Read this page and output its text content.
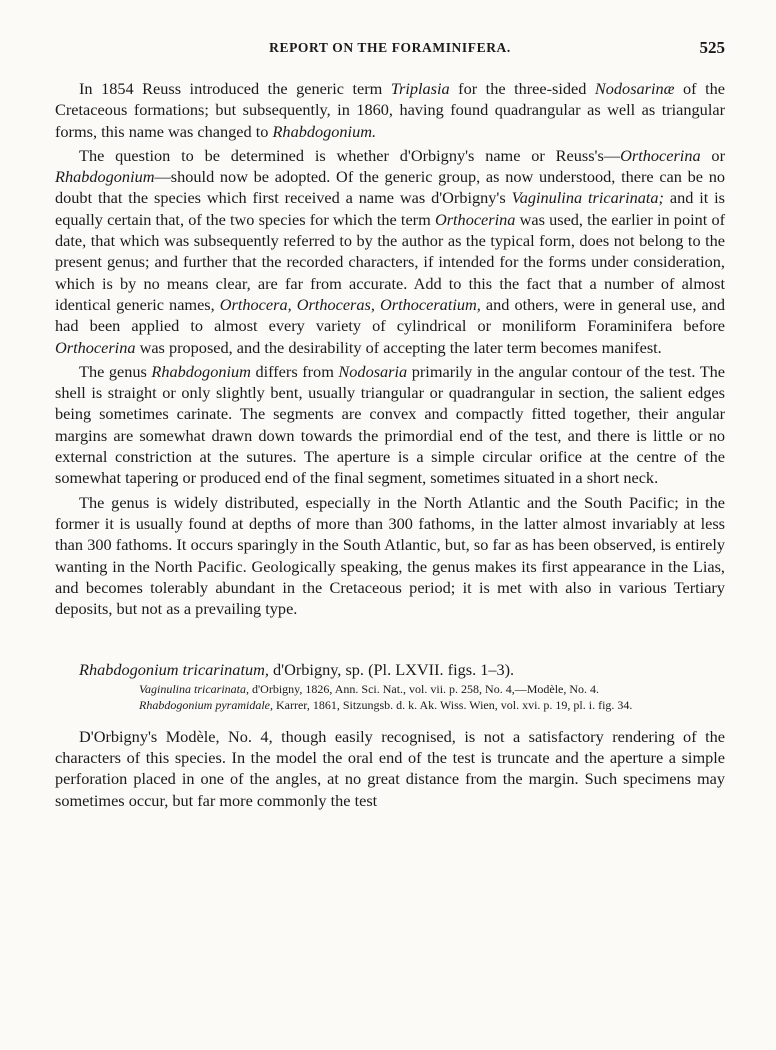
REPORT ON THE FORAMINIFERA.	525

In 1854 Reuss introduced the generic term Triplasia for the three-sided Nodosarinæ of the Cretaceous formations; but subsequently, in 1860, having found quadrangular as well as triangular forms, this name was changed to Rhabdogonium.

The question to be determined is whether d'Orbigny's name or Reuss's—Orthocerina or Rhabdogonium—should now be adopted. Of the generic group, as now understood, there can be no doubt that the species which first received a name was d'Orbigny's Vaginulina tricarinata; and it is equally certain that, of the two species for which the term Orthocerina was used, the earlier in point of date, that which was subsequently referred to by the author as the typical form, does not belong to the present genus; and further that the recorded characters, if intended for the forms under consideration, which is by no means clear, are far from accurate. Add to this the fact that a number of almost identical generic names, Orthocera, Orthoceras, Orthoceratium, and others, were in general use, and had been applied to almost every variety of cylindrical or moniliform Foraminifera before Orthocerina was proposed, and the desirability of accepting the later term becomes manifest.

The genus Rhabdogonium differs from Nodosaria primarily in the angular contour of the test. The shell is straight or only slightly bent, usually triangular or quadrangular in section, the salient edges being sometimes carinate. The segments are convex and compactly fitted together, their angular margins are somewhat drawn down towards the primordial end of the test, and there is little or no external constriction at the sutures. The aperture is a simple circular orifice at the centre of the somewhat tapering or produced end of the final segment, sometimes situated in a short neck.

The genus is widely distributed, especially in the North Atlantic and the South Pacific; in the former it is usually found at depths of more than 300 fathoms, in the latter almost invariably at less than 300 fathoms. It occurs sparingly in the South Atlantic, but, so far as has been observed, is entirely wanting in the North Pacific. Geologically speaking, the genus makes its first appearance in the Lias, and becomes tolerably abundant in the Cretaceous period; it is met with also in various Tertiary deposits, but not as a prevailing type.

Rhabdogonium tricarinatum, d'Orbigny, sp. (Pl. LXVII. figs. 1–3).

Vaginulina tricarinata, d'Orbigny, 1826, Ann. Sci. Nat., vol. vii. p. 258, No. 4,—Modèle, No. 4.
Rhabdogonium pyramidale, Karrer, 1861, Sitzungsb. d. k. Ak. Wiss. Wien, vol. xvi. p. 19, pl. i. fig. 34.

D'Orbigny's Modèle, No. 4, though easily recognised, is not a satisfactory rendering of the characters of this species. In the model the oral end of the test is truncate and the aperture a simple perforation placed in one of the angles, at no great distance from the margin. Such specimens may sometimes occur, but far more commonly the test
